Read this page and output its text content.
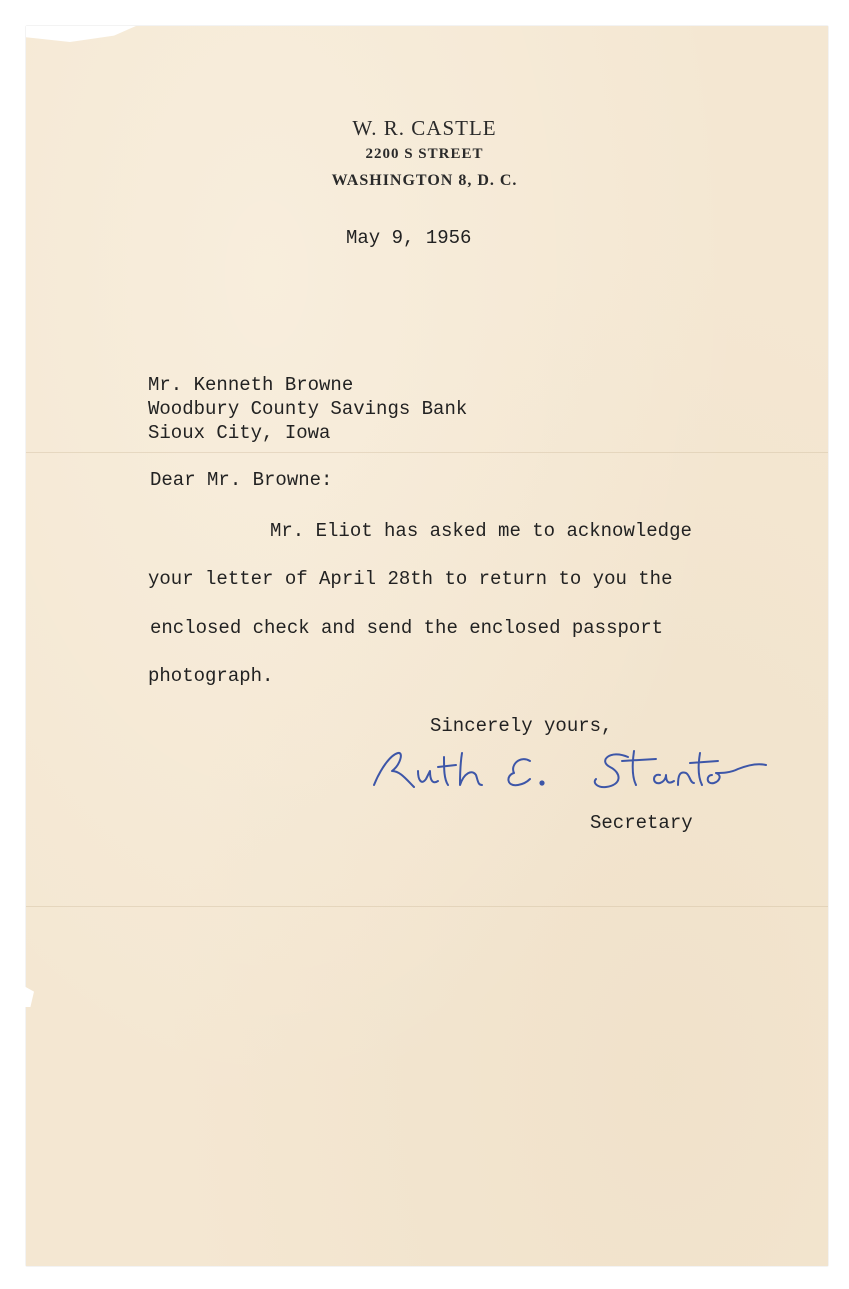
W. R. CASTLE
2200 S STREET
WASHINGTON 8, D. C.
May 9, 1956
Mr. Kenneth Browne
Woodbury County Savings Bank
Sioux City, Iowa
Dear Mr. Browne:
Mr. Eliot has asked me to acknowledge
your letter of April 28th to return to you the
enclosed check and send the enclosed passport
photograph.
Sincerely yours,
Secretary
